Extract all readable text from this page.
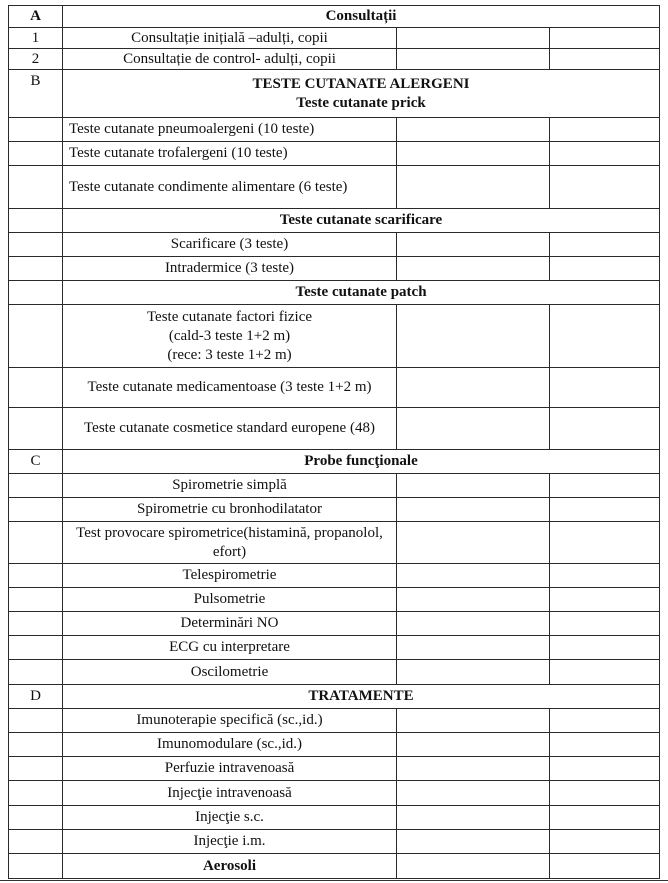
A	Consultații		
1	Consultație inițială –adulți, copii		
2	Consultație de control- adulți, copii		
B	TESTE CUTANATE ALERGENI
Teste cutanate prick		

	Teste cutanate pneumoalergeni (10 teste)		
	Teste cutanate trofalergeni (10 teste)		
	Teste cutanate condimente alimentare (6 teste)		
	Teste cutanate scarificare		
	Scarificare (3 teste)		
	Intradermice (3 teste)		
	Teste cutanate patch		

	Teste cutanate factori fizice
(cald-3 teste 1+2 m)
(rece: 3 teste 1+2 m)		

	Teste cutanate medicamentoase (3 teste 1+2 m)		
	Teste cutanate cosmetice standard europene (48)		
C	Probe funcţionale		
	Spirometrie simplă		
	Spirometrie cu bronhodilatator		
	Test provocare spirometrice(histamină, propanolol, efort)		
	Telespirometrie		
	Pulsometrie		
	Determinări NO		
	ECG cu interpretare		
	Oscilometrie		
D	TRATAMENTE		
	Imunoterapie specifică (sc.,id.)		
	Imunomodulare (sc.,id.)		
	Perfuzie intravenoasă		
	Injecţie intravenoasă		
	Injecţie s.c.		
	Injecţie i.m.		
	Aerosoli		
